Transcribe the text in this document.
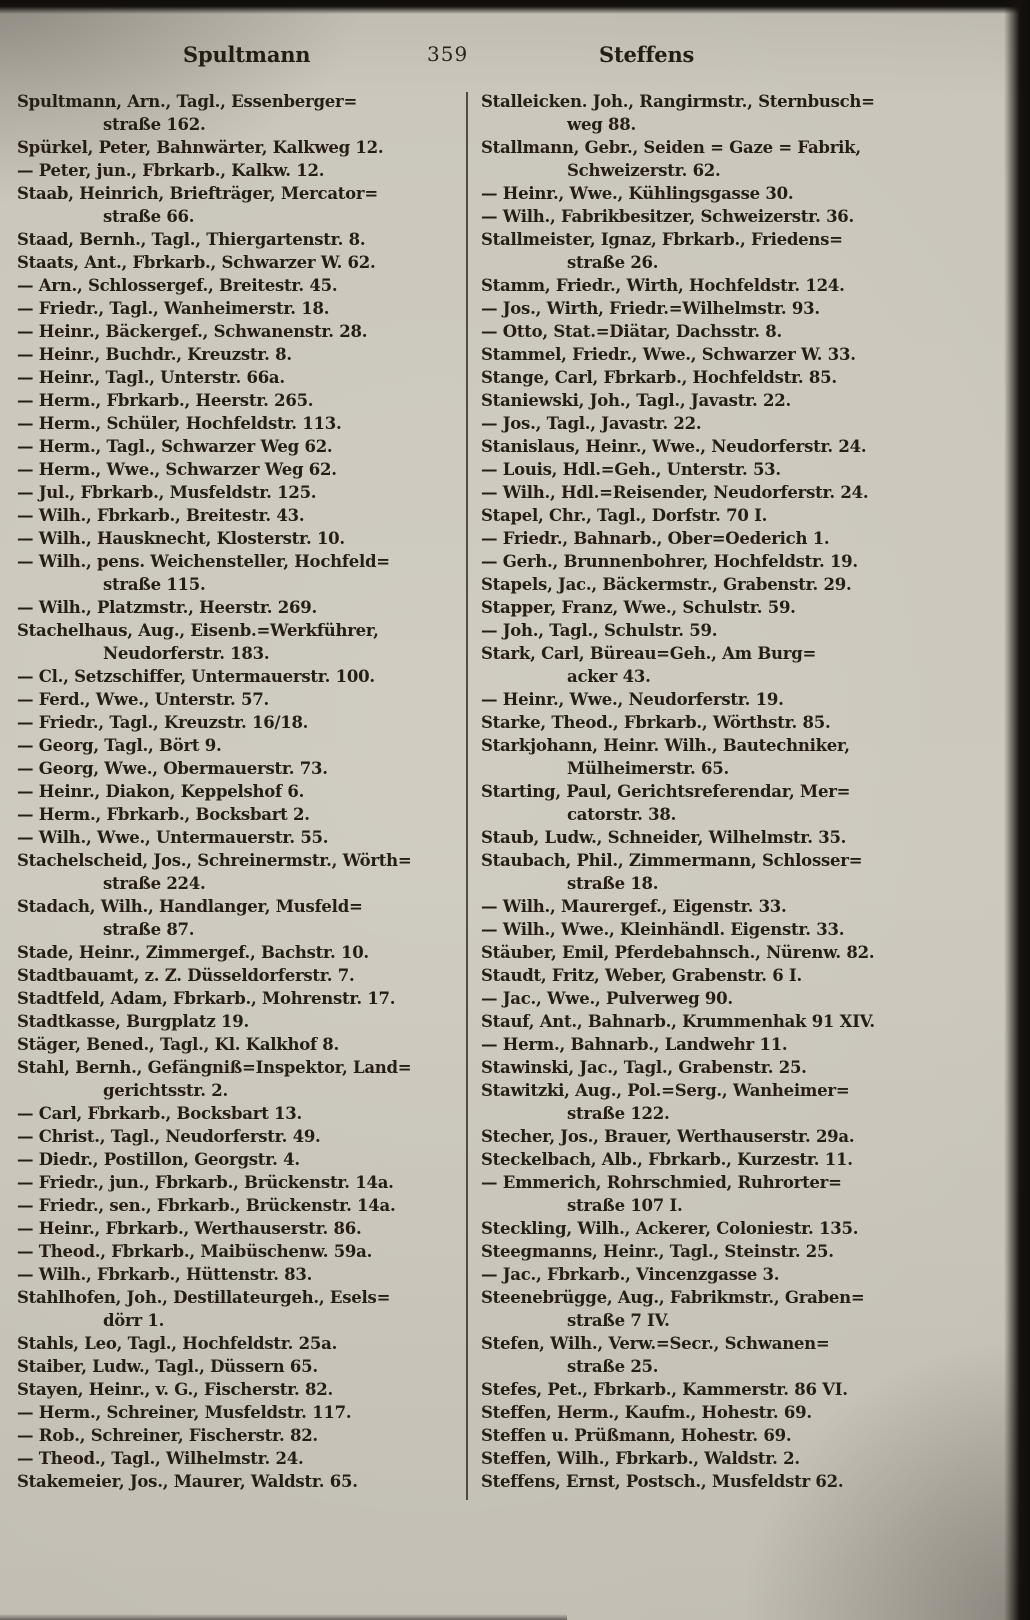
Spultmann	359	Steffens
Spultmann, Arn., Tagl., Essenberger=
straße 162.
Spürkel, Peter, Bahnwärter, Kalkweg 12.
— Peter, jun., Fbrkarb., Kalkw. 12.
Staab, Heinrich, Briefträger, Mercator=
straße 66.
Staad, Bernh., Tagl., Thiergartenstr. 8.
Staats, Ant., Fbrkarb., Schwarzer W. 62.
— Arn., Schlossergef., Breitestr. 45.
— Friedr., Tagl., Wanheimerstr. 18.
— Heinr., Bäckergef., Schwanenstr. 28.
— Heinr., Buchdr., Kreuzstr. 8.
— Heinr., Tagl., Unterstr. 66a.
— Herm., Fbrkarb., Heerstr. 265.
— Herm., Schüler, Hochfeldstr. 113.
— Herm., Tagl., Schwarzer Weg 62.
— Herm., Wwe., Schwarzer Weg 62.
— Jul., Fbrkarb., Musfeldstr. 125.
— Wilh., Fbrkarb., Breitestr. 43.
— Wilh., Hausknecht, Klosterstr. 10.
— Wilh., pens. Weichensteller, Hochfeld=
straße 115.
— Wilh., Platzmstr., Heerstr. 269.
Stachelhaus, Aug., Eisenb.=Werkführer,
Neudorferstr. 183.
— Cl., Setzschiffer, Untermauerstr. 100.
— Ferd., Wwe., Unterstr. 57.
— Friedr., Tagl., Kreuzstr. 16/18.
— Georg, Tagl., Bört 9.
— Georg, Wwe., Obermauerstr. 73.
— Heinr., Diakon, Keppelshof 6.
— Herm., Fbrkarb., Bocksbart 2.
— Wilh., Wwe., Untermauerstr. 55.
Stachelscheid, Jos., Schreinermstr., Wörth=
straße 224.
Stadach, Wilh., Handlanger, Musfeld=
straße 87.
Stade, Heinr., Zimmergef., Bachstr. 10.
Stadtbauamt, z. Z. Düsseldorferstr. 7.
Stadtfeld, Adam, Fbrkarb., Mohrenstr. 17.
Stadtkasse, Burgplatz 19.
Stäger, Bened., Tagl., Kl. Kalkhof 8.
Stahl, Bernh., Gefängniß=Inspektor, Land=
gerichtsstr. 2.
— Carl, Fbrkarb., Bocksbart 13.
— Christ., Tagl., Neudorferstr. 49.
— Diedr., Postillon, Georgstr. 4.
— Friedr., jun., Fbrkarb., Brückenstr. 14a.
— Friedr., sen., Fbrkarb., Brückenstr. 14a.
— Heinr., Fbrkarb., Werthauserstr. 86.
— Theod., Fbrkarb., Maibüschenw. 59a.
— Wilh., Fbrkarb., Hüttenstr. 83.
Stahlhofen, Joh., Destillateurgeh., Esels=
dörr 1.
Stahls, Leo, Tagl., Hochfeldstr. 25a.
Staiber, Ludw., Tagl., Düssern 65.
Stayen, Heinr., v. G., Fischerstr. 82.
— Herm., Schreiner, Musfeldstr. 117.
— Rob., Schreiner, Fischerstr. 82.
— Theod., Tagl., Wilhelmstr. 24.
Stakemeier, Jos., Maurer, Waldstr. 65.
Stalleicken. Joh., Rangirmstr., Sternbusch=
weg 88.
Stallmann, Gebr., Seiden = Gaze = Fabrik,
Schweizerstr. 62.
— Heinr., Wwe., Kühlingsgasse 30.
— Wilh., Fabrikbesitzer, Schweizerstr. 36.
Stallmeister, Ignaz, Fbrkarb., Friedens=
straße 26.
Stamm, Friedr., Wirth, Hochfeldstr. 124.
— Jos., Wirth, Friedr.=Wilhelmstr. 93.
— Otto, Stat.=Diätar, Dachsstr. 8.
Stammel, Friedr., Wwe., Schwarzer W. 33.
Stange, Carl, Fbrkarb., Hochfeldstr. 85.
Staniewski, Joh., Tagl., Javastr. 22.
— Jos., Tagl., Javastr. 22.
Stanislaus, Heinr., Wwe., Neudorferstr. 24.
— Louis, Hdl.=Geh., Unterstr. 53.
— Wilh., Hdl.=Reisender, Neudorferstr. 24.
Stapel, Chr., Tagl., Dorfstr. 70 I.
— Friedr., Bahnarb., Ober=Oederich 1.
— Gerh., Brunnenbohrer, Hochfeldstr. 19.
Stapels, Jac., Bäckermstr., Grabenstr. 29.
Stapper, Franz, Wwe., Schulstr. 59.
— Joh., Tagl., Schulstr. 59.
Stark, Carl, Büreau=Geh., Am Burg=
acker 43.
— Heinr., Wwe., Neudorferstr. 19.
Starke, Theod., Fbrkarb., Wörthstr. 85.
Starkjohann, Heinr. Wilh., Bautechniker,
Mülheimerstr. 65.
Starting, Paul, Gerichtsreferendar, Mer=
catorstr. 38.
Staub, Ludw., Schneider, Wilhelmstr. 35.
Staubach, Phil., Zimmermann, Schlosser=
straße 18.
— Wilh., Maurergef., Eigenstr. 33.
— Wilh., Wwe., Kleinhändl. Eigenstr. 33.
Stäuber, Emil, Pferdebahnsch., Nürenw. 82.
Staudt, Fritz, Weber, Grabenstr. 6 I.
— Jac., Wwe., Pulverweg 90.
Stauf, Ant., Bahnarb., Krummenhak 91 XIV.
— Herm., Bahnarb., Landwehr 11.
Stawinski, Jac., Tagl., Grabenstr. 25.
Stawitzki, Aug., Pol.=Serg., Wanheimer=
straße 122.
Stecher, Jos., Brauer, Werthauserstr. 29a.
Steckelbach, Alb., Fbrkarb., Kurzestr. 11.
— Emmerich, Rohrschmied, Ruhrorter=
straße 107 I.
Steckling, Wilh., Ackerer, Coloniestr. 135.
Steegmanns, Heinr., Tagl., Steinstr. 25.
— Jac., Fbrkarb., Vincenzgasse 3.
Steenebrügge, Aug., Fabrikmstr., Graben=
straße 7 IV.
Stefen, Wilh., Verw.=Secr., Schwanen=
straße 25.
Stefes, Pet., Fbrkarb., Kammerstr. 86 VI.
Steffen, Herm., Kaufm., Hohestr. 69.
Steffen u. Prüßmann, Hohestr. 69.
Steffen, Wilh., Fbrkarb., Waldstr. 2.
Steffens, Ernst, Postsch., Musfeldstr 62.
